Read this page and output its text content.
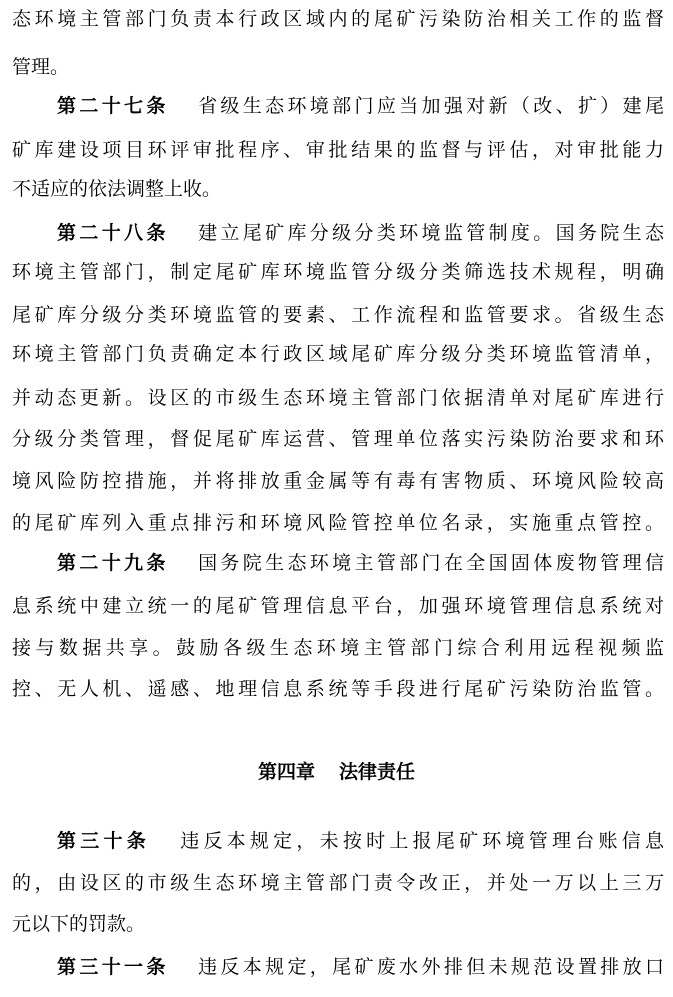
态环境主管部门负责本行政区域内的尾矿污染防治相关工作的监督
管理。
第二十七条 省级生态环境部门应当加强对新（改、扩）建尾
矿库建设项目环评审批程序、审批结果的监督与评估，对审批能力
不适应的依法调整上收。
第二十八条 建立尾矿库分级分类环境监管制度。国务院生态
环境主管部门，制定尾矿库环境监管分级分类筛选技术规程，明确
尾矿库分级分类环境监管的要素、工作流程和监管要求。省级生态
环境主管部门负责确定本行政区域尾矿库分级分类环境监管清单，
并动态更新。设区的市级生态环境主管部门依据清单对尾矿库进行
分级分类管理，督促尾矿库运营、管理单位落实污染防治要求和环
境风险防控措施，并将排放重金属等有毒有害物质、环境风险较高
的尾矿库列入重点排污和环境风险管控单位名录，实施重点管控。
第二十九条 国务院生态环境主管部门在全国固体废物管理信
息系统中建立统一的尾矿管理信息平台，加强环境管理信息系统对
接与数据共享。鼓励各级生态环境主管部门综合利用远程视频监
控、无人机、遥感、地理信息系统等手段进行尾矿污染防治监管。
第四章 法律责任
第三十条 违反本规定，未按时上报尾矿环境管理台账信息
的，由设区的市级生态环境主管部门责令改正，并处一万以上三万
元以下的罚款。
第三十一条 违反本规定，尾矿废水外排但未规范设置排放口
